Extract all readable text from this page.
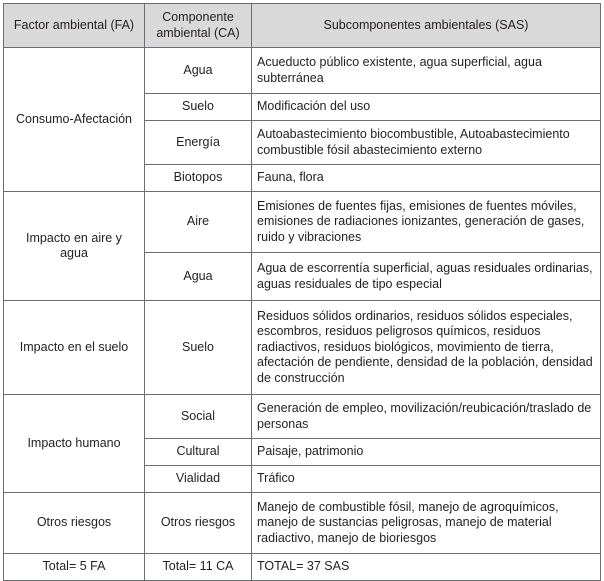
Factor ambiental (FA)	Componente ambiental (CA)	Subcomponentes ambientales (SAS)
Consumo-Afectación	Agua	Acueducto público existente, agua superficial, agua subterránea
	Suelo	Modificación del uso
	Energía	Autoabastecimiento biocombustible, Autoabastecimiento combustible fósil abastecimiento externo
	Biotopos	Fauna, flora
Impacto en aire y agua	Aire	Emisiones de fuentes fijas, emisiones de fuentes móviles, emisiones de radiaciones ionizantes, generación de gases, ruido y vibraciones
	Agua	Agua de escorrentía superficial, aguas residuales ordinarias, aguas residuales de tipo especial
Impacto en el suelo	Suelo	Residuos sólidos ordinarios, residuos sólidos especiales, escombros, residuos peligrosos químicos, residuos radiactivos, residuos biológicos, movimiento de tierra, afectación de pendiente, densidad de la población, densidad de construcción
Impacto humano	Social	Generación de empleo, movilización/reubicación/traslado de personas
	Cultural	Paisaje, patrimonio
	Vialidad	Tráfico
Otros riesgos	Otros riesgos	Manejo de combustible fósil, manejo de agroquímicos, manejo de sustancias peligrosas, manejo de material radiactivo, manejo de bioriesgos
Total= 5 FA	Total= 11 CA	TOTAL= 37 SAS
